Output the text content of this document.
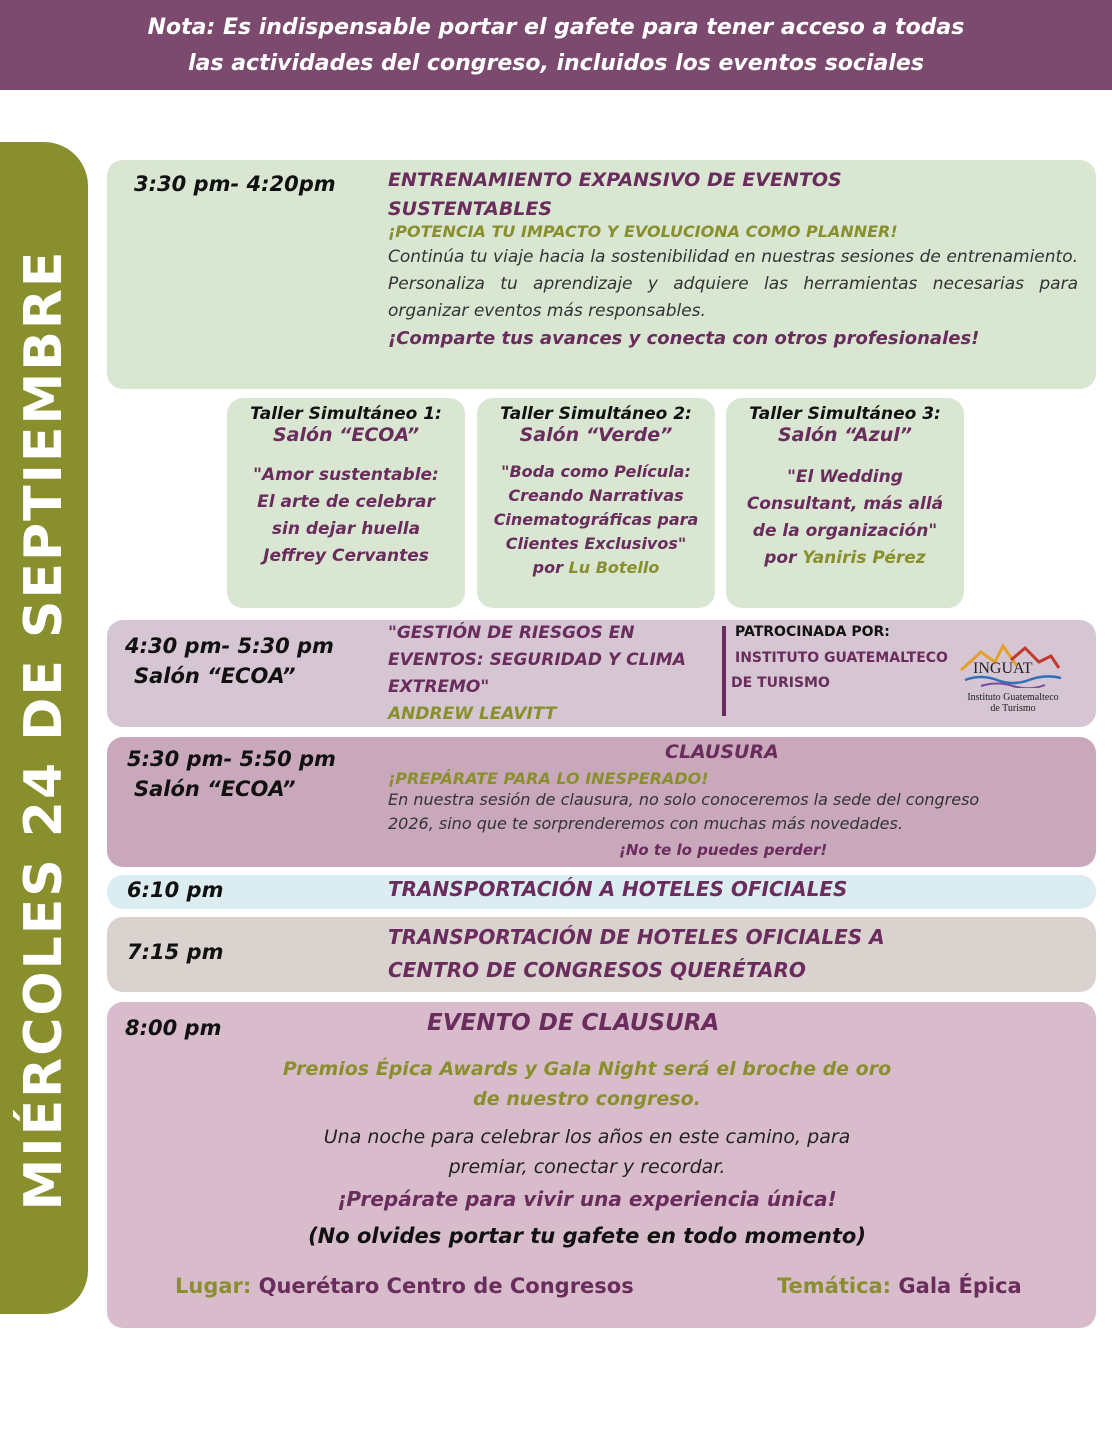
Nota: Es indispensable portar el gafete para tener acceso a todas
las actividades del congreso, incluidos los eventos sociales
MIÉRCOLES 24 DE SEPTIEMBRE
3:30 pm- 4:20pm	ENTRENAMIENTO EXPANSIVO DE EVENTOS
SUSTENTABLES
¡POTENCIA TU IMPACTO Y EVOLUCIONA COMO PLANNER!
Continúa tu viaje hacia la sostenibilidad en nuestras sesiones de entrenamiento. Personaliza tu aprendizaje y adquiere las herramientas necesarias para organizar eventos más responsables.
¡Comparte tus avances y conecta con otros profesionales!
Taller Simultáneo 1:
Salón “ECOA”
"Amor sustentable:
El arte de celebrar
sin dejar huella
Jeffrey Cervantes
Taller Simultáneo 2:
Salón “Verde”
"Boda como Película:
Creando Narrativas
Cinematográficas para
Clientes Exclusivos"
por Lu Botello
Taller Simultáneo 3:
Salón “Azul”
"El Wedding
Consultant, más allá
de la organización"
por Yaniris Pérez
4:30 pm- 5:30 pm
Salón “ECOA”
"GESTIÓN DE RIESGOS EN
EVENTOS: SEGURIDAD Y CLIMA
EXTREMO"
ANDREW LEAVITT
PATROCINADA POR:
INSTITUTO GUATEMALTECO
DE TURISMO
INGUAT
Instituto Guatemalteco
de Turismo
5:30 pm- 5:50 pm
Salón “ECOA”
CLAUSURA
¡PREPÁRATE PARA LO INESPERADO!
En nuestra sesión de clausura, no solo conoceremos la sede del congreso
2026, sino que te sorprenderemos con muchas más novedades.
¡No te lo puedes perder!
6:10 pm	TRANSPORTACIÓN A HOTELES OFICIALES
7:15 pm
TRANSPORTACIÓN DE HOTELES OFICIALES A
CENTRO DE CONGRESOS QUERÉTARO
8:00 pm	EVENTO DE CLAUSURA
Premios Épica Awards y Gala Night será el broche de oro
de nuestro congreso.
Una noche para celebrar los años en este camino, para
premiar, conectar y recordar.
¡Prepárate para vivir una experiencia única!
(No olvides portar tu gafete en todo momento)
Lugar: Querétaro Centro de Congresos	Temática: Gala Épica
